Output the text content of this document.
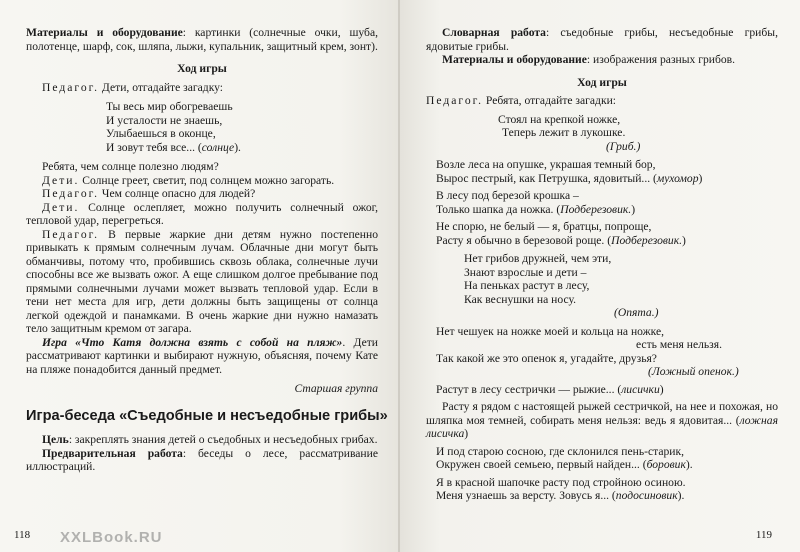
Материалы и оборудование: картинки (солнечные очки, шуба, полотенце, шарф, сок, шляпа, лыжи, купальник, защитный крем, зонт).

Ход игры

Педагог. Дети, отгадайте загадку:

Ты весь мир обогреваешь
И усталости не знаешь,
Улыбаешься в оконце,
И зовут тебя все... (солнце).

Ребята, чем солнце полезно людям?

Дети. Солнце греет, светит, под солнцем можно загорать.

Педагог. Чем солнце опасно для людей?

Дети. Солнце ослепляет, можно получить солнечный ожог, тепловой удар, перегреться.

Педагог. В первые жаркие дни детям нужно постепенно привыкать к прямым солнечным лучам. Облачные дни могут быть обманчивы, потому что, пробившись сквозь облака, солнечные лучи способны все же вызвать ожог. А еще слишком долгое пребывание под прямыми солнечными лучами может вызвать тепловой удар. Если в тени нет места для игр, дети должны быть защищены от солнца легкой одеждой и панамками. В очень жаркие дни нужно намазать тело защитным кремом от загара.

Игра «Что Катя должна взять с собой на пляж». Дети рассматривают картинки и выбирают нужную, объясняя, почему Кате на пляже понадобится данный предмет.

Старшая группа

Игра-беседа «Съедобные и несъедобные грибы»

Цель: закреплять знания детей о съедобных и несъедобных грибах.

Предварительная работа: беседы о лесе, рассматривание иллюстраций.

XXLBook.RU
118

Словарная работа: съедобные грибы, несъедобные грибы, ядовитые грибы.

Материалы и оборудование: изображения разных грибов.

Ход игры

Педагог. Ребята, отгадайте загадки:

Стоял на крепкой ножке,
Теперь лежит в лукошке.
(Гриб.)
Возле леса на опушке, украшая темный бор,
Вырос пестрый, как Петрушка, ядовитый... (мухомор)
В лесу под березой крошка –
Только шапка да ножка. (Подберезовик.)
Не спорю, не белый — я, братцы, попроще,
Расту я обычно в березовой роще. (Подберезовик.)
Нет грибов дружней, чем эти,
Знают взрослые и дети –
На пеньках растут в лесу,
Как веснушки на носу.
(Опята.)
Нет чешуек на ножке моей и кольца на ножке,
есть меня нельзя.
Так какой же это опенок я, угадайте, друзья?
(Ложный опенок.)
Растут в лесу сестрички — рыжие... (лисички)

Расту я рядом с настоящей рыжей сестричкой, на нее и похожая, но шляпка моя темней, собирать меня нельзя: ведь я ядовитая... (ложная лисичка)

И под старою сосною, где склонился пень-старик,
Окружен своей семьею, первый найден... (боровик).
Я в красной шапочке расту под стройною осиною.
Меня узнаешь за версту. Зовусь я... (подосиновик).
119
